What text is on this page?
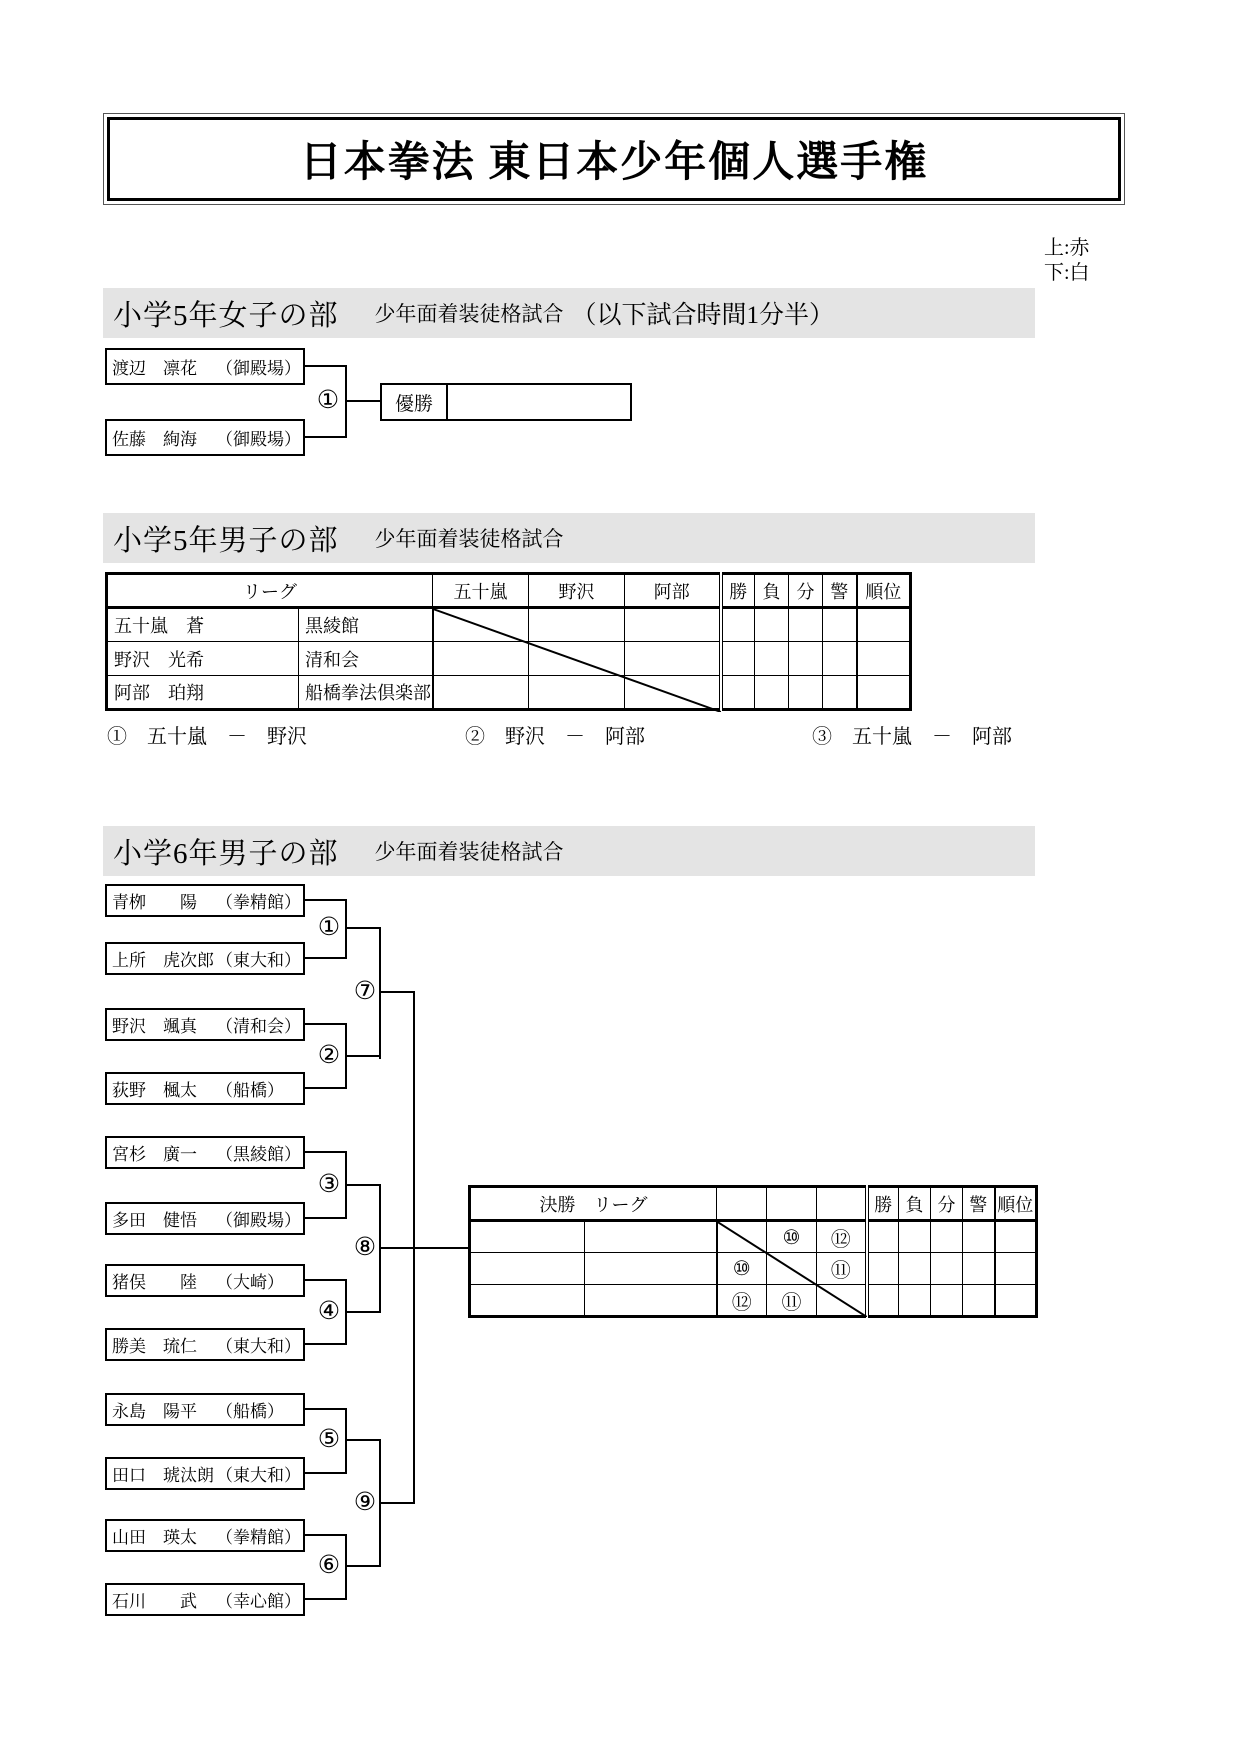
日本拳法 東日本少年個人選手権
上:赤
下:白
小学5年女子の部 少年面着装徒格試合 （以下試合時間1分半）
渡辺　凛花	（御殿場）
佐藤　絢海	（御殿場）
①	優勝
小学5年男子の部 少年面着装徒格試合
リーグ		五十嵐	野沢	阿部	勝	負	分	警	順位
五十嵐　蒼	黒綾館								
野沢　光希	清和会								
阿部　珀翔	船橋拳法倶楽部								
①　五十嵐　－　野沢	②　野沢　－　阿部	③　五十嵐　－　阿部
小学6年男子の部 少年面着装徒格試合
青栁　　陽	（拳精館）
上所　虎次郎 （東大和）
野沢　颯真	（清和会）
荻野　楓太	（船橋）
宮杉　廣一	（黒綾館）
多田　健悟	（御殿場）
猪俣　　陸	（大崎）
勝美　琉仁	（東大和）
永島　陽平	（船橋）
田口　琥汰朗 （東大和）
山田　瑛太	（拳精館）
石川　　武	（幸心館）
①
②
③
④
⑤
⑥
⑦
⑧
⑨
決勝　リーグ					勝	負	分	警	順位
			⑩	⑫					
		⑩		⑪					
		⑫	⑪						
